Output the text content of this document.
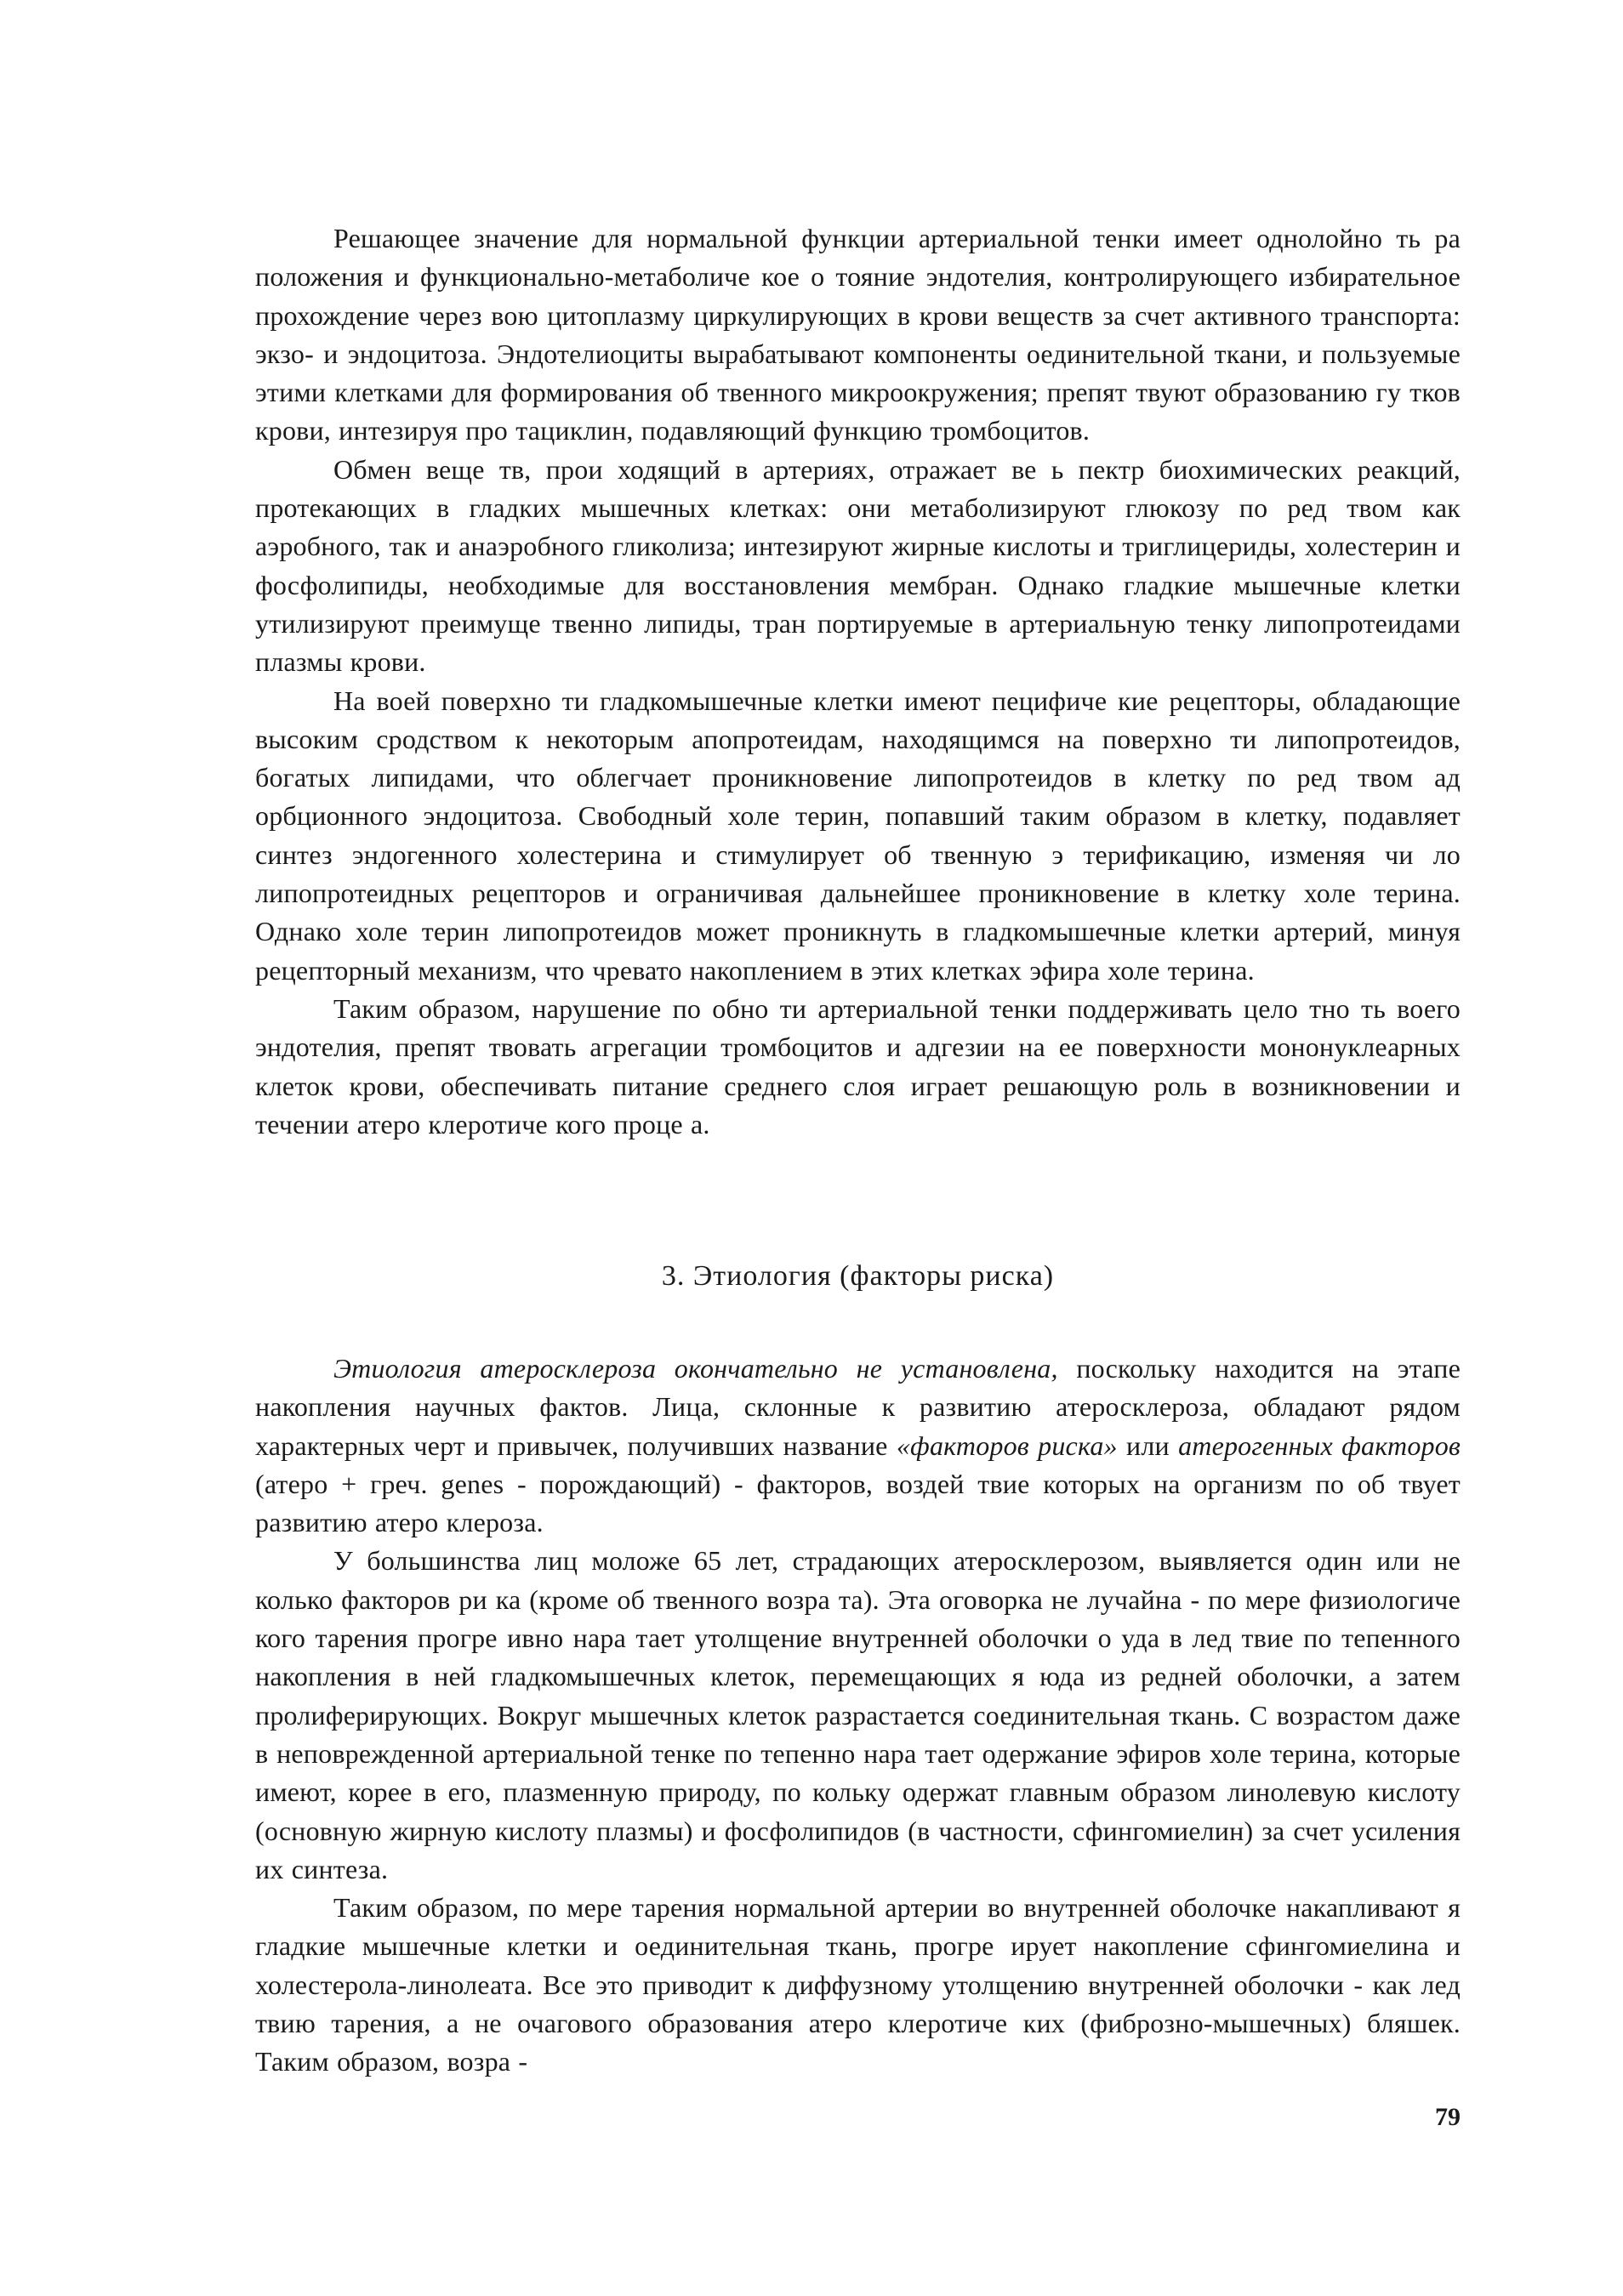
Решающее значение для нормальной функции артериальной тенки имеет однолойно ть ра положения и функционально-метаболиче кое о тояние эндотелия, контролирующего избирательное прохождение через вою цитоплазму циркулирующих в крови веществ за счет активного транспорта: экзо- и эндоцитоза. Эндотелиоциты вырабатывают компоненты оединительной ткани, и пользуемые этими клетками для формирования об твенного микроокружения; препят твуют образованию гу тков крови, интезируя про тациклин, подавляющий функцию тромбоцитов.

Обмен веще тв, прои ходящий в артериях, отражает ве ь пектр биохимических реакций, протекающих в гладких мышечных клетках: они метаболизируют глюкозу по ред твом как аэробного, так и анаэробного гликолиза; интезируют жирные кислоты и триглицериды, холестерин и фосфолипиды, необходимые для восстановления мембран. Однако гладкие мышечные клетки утилизируют преимуще твенно липиды, тран портируемые в артериальную тенку липопротеидами плазмы крови.

На воей поверхно ти гладкомышечные клетки имеют пецифиче кие рецепторы, обладающие высоким сродством к некоторым апопротеидам, находящимся на поверхно ти липопротеидов, богатых липидами, что облегчает проникновение липопротеидов в клетку по ред твом ад орбционного эндоцитоза. Свободный холе терин, попавший таким образом в клетку, подавляет синтез эндогенного холестерина и стимулирует об твенную э терификацию, изменяя чи ло липопротеидных рецепторов и ограничивая дальнейшее проникновение в клетку холе терина. Однако холе терин липопротеидов может проникнуть в гладкомышечные клетки артерий, минуя рецепторный механизм, что чревато накоплением в этих клетках эфира холе терина.

Таким образом, нарушение по обно ти артериальной тенки поддерживать цело тно ть воего эндотелия, препят твовать агрегации тромбоцитов и адгезии на ее поверхности мононуклеарных клеток крови, обеспечивать питание среднего слоя играет решающую роль в возникновении и течении атеро клеротиче кого проце а.

3. Этиология (факторы риска)

Этиология атеросклероза окончательно не установлена, поскольку находится на этапе накопления научных фактов. Лица, склонные к развитию атеросклероза, обладают рядом характерных черт и привычек, получивших название «факторов риска» или атерогенных факторов (атеро + греч. genes - порождающий) - факторов, воздей твие которых на организм по об твует развитию атеро клероза.

У большинства лиц моложе 65 лет, страдающих атеросклерозом, выявляется один или не колько факторов ри ка (кроме об твенного возра та). Эта оговорка не лучайна - по мере физиологиче кого тарения прогре ивно нара тает утолщение внутренней оболочки о уда в лед твие по тепенного накопления в ней гладкомышечных клеток, перемещающих я юда из редней оболочки, а затем пролиферирующих. Вокруг мышечных клеток разрастается соединительная ткань. С возрастом даже в неповрежденной артериальной тенке по тепенно нара тает одержание эфиров холе терина, которые имеют, корее в его, плазменную природу, по кольку одержат главным образом линолевую кислоту (основную жирную кислоту плазмы) и фосфолипидов (в частности, сфингомиелин) за счет усиления их синтеза.

Таким образом, по мере тарения нормальной артерии во внутренней оболочке накапливают я гладкие мышечные клетки и оединительная ткань, прогре ирует накопление сфингомиелина и холестерола-линолеата. Все это приводит к диффузному утолщению внутренней оболочки - как лед твию тарения, а не очагового образования атеро клеротиче ких (фиброзно-мышечных) бляшек. Таким образом, возра -

79
